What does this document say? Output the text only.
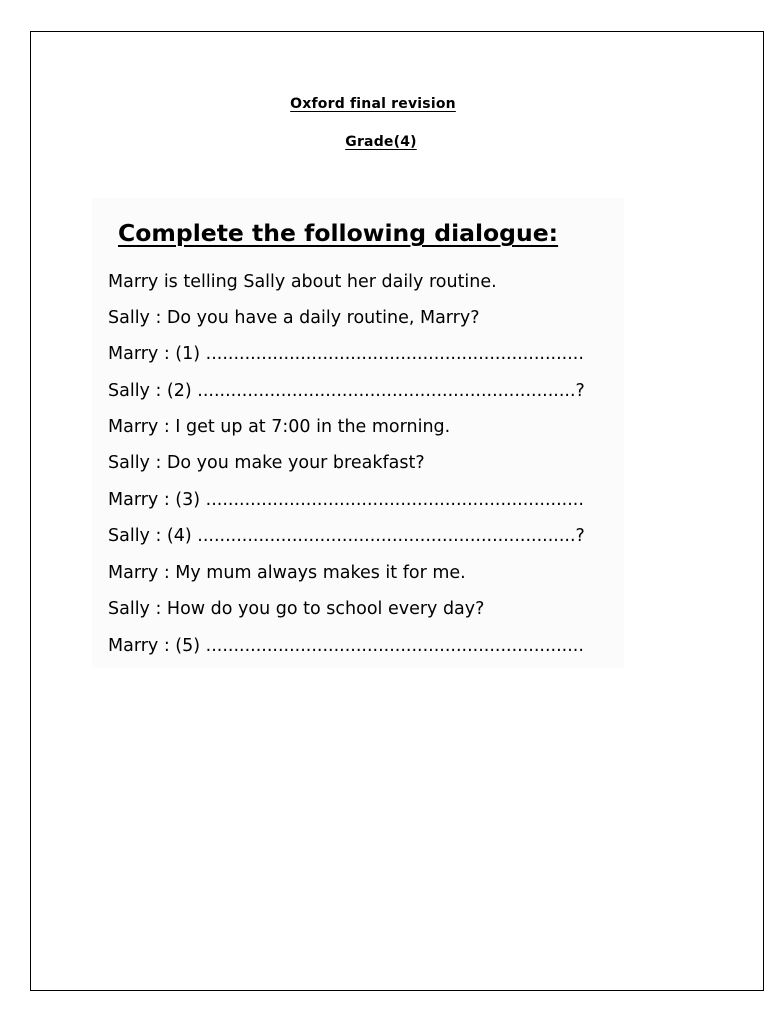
Oxford final revision
Grade(4)
Complete the following dialogue:
Marry is telling Sally about her daily routine.
Sally : Do you have a daily routine, Marry?
Marry : (1) ....................................................................
Sally : (2) ....................................................................?
Marry : I get up at 7:00 in the morning.
Sally : Do you make your breakfast?
Marry : (3) ....................................................................
Sally : (4) ....................................................................?
Marry : My mum always makes it for me.
Sally : How do you go to school every day?
Marry : (5) ....................................................................
